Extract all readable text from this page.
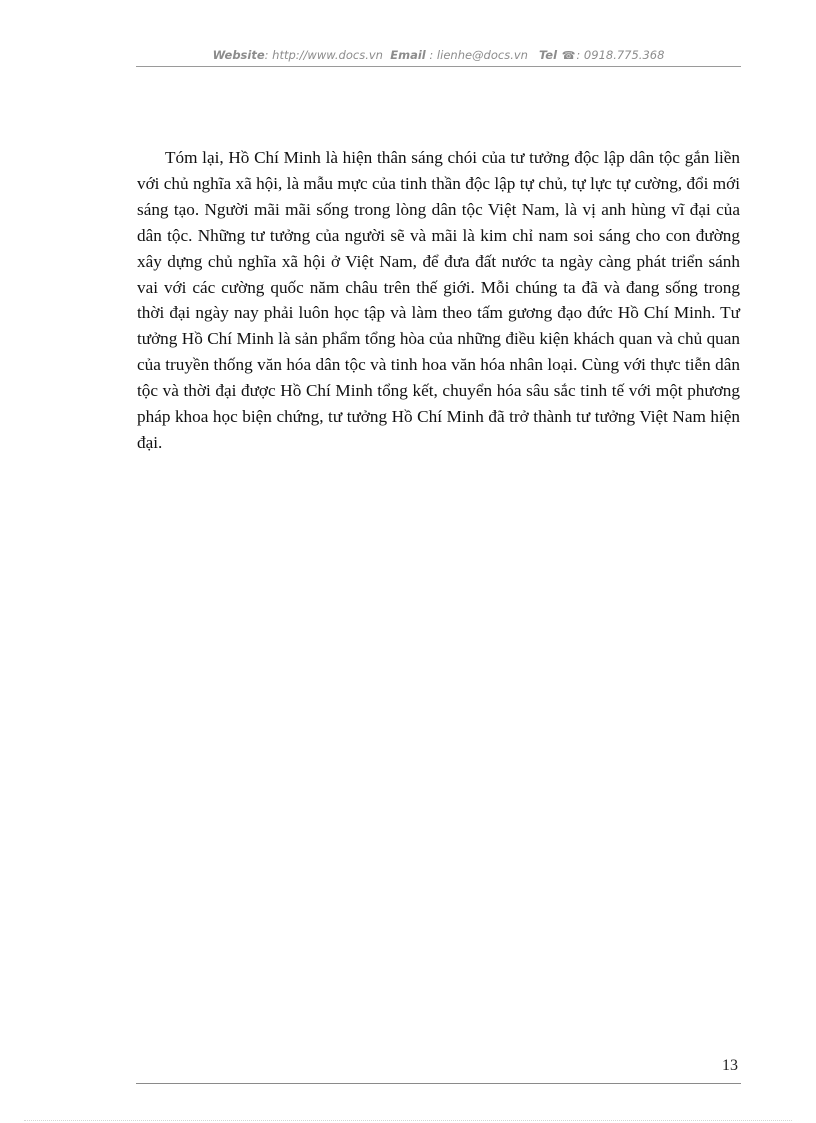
Website: http://www.docs.vn Email : lienhe@docs.vn Tel ☎: 0918.775.368

Tóm lại, Hồ Chí Minh là hiện thân sáng chói của tư tưởng độc lập dân tộc gắn liền với chủ nghĩa xã hội, là mẫu mực của tinh thần độc lập tự chủ, tự lực tự cường, đổi mới sáng tạo. Người mãi mãi sống trong lòng dân tộc Việt Nam, là vị anh hùng vĩ đại của dân tộc. Những tư tưởng của người sẽ và mãi là kim chỉ nam soi sáng cho con đường xây dựng chủ nghĩa xã hội ở Việt Nam, để đưa đất nước ta ngày càng phát triển sánh vai với các cường quốc năm châu trên thế giới. Mỗi chúng ta đã và đang sống trong thời đại ngày nay phải luôn học tập và làm theo tấm gương đạo đức Hồ Chí Minh. Tư tưởng Hồ Chí Minh là sản phẩm tổng hòa của những điều kiện khách quan và chủ quan của truyền thống văn hóa dân tộc và tinh hoa văn hóa nhân loại. Cùng với thực tiễn dân tộc và thời đại được Hồ Chí Minh tổng kết, chuyển hóa sâu sắc tinh tế với một phương pháp khoa học biện chứng, tư tưởng Hồ Chí Minh đã trở thành tư tưởng Việt Nam hiện đại.

13
